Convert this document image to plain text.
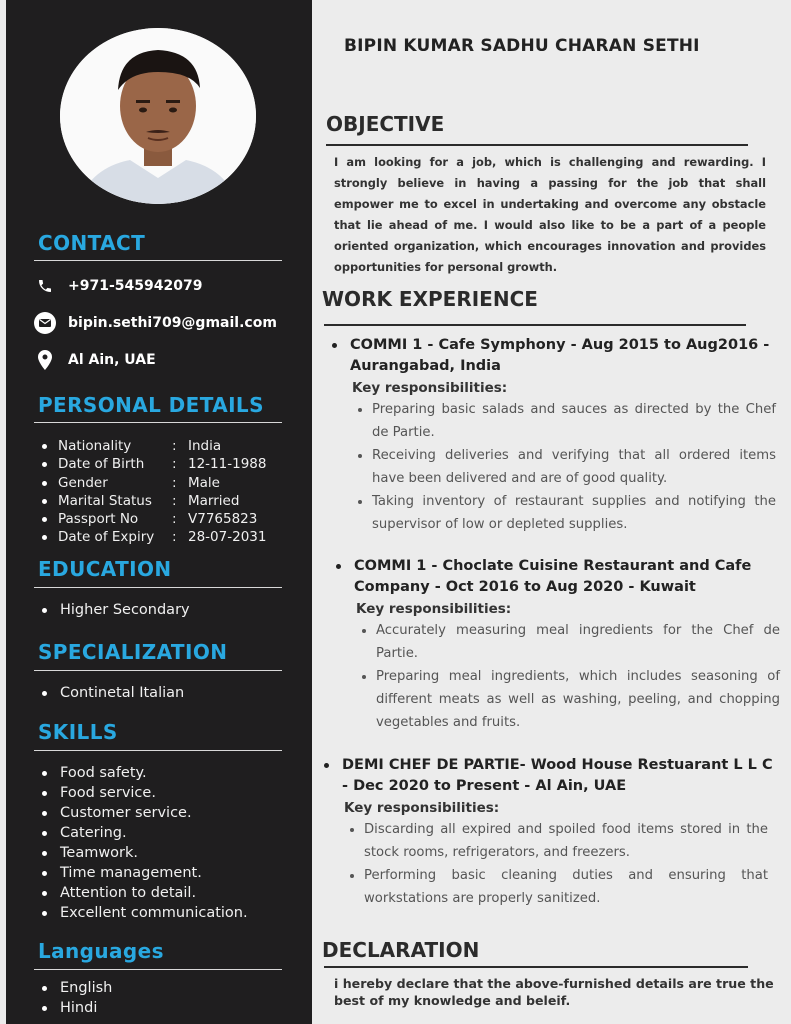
CONTACT
+971-545942079
bipin.sethi709@gmail.com
Al Ain, UAE
PERSONAL DETAILS
Nationality	: India
Date of Birth : 12-11-1988
Gender	: Male
Marital Status : Married
Passport No	: V7765823
Date of Expiry : 28-07-2031
EDUCATION
Higher Secondary
SPECIALIZATION
Continetal Italian
SKILLS
Food safety.
Food service.
Customer service.
Catering.
Teamwork.
Time management.
Attention to detail.
Excellent communication.
Languages
English
Hindi
BIPIN KUMAR SADHU CHARAN SETHI
OBJECTIVE
I am looking for a job, which is challenging and rewarding. I strongly believe in having a passing for the job that shall empower me to excel in undertaking and overcome any obstacle that lie ahead of me. I would also like to be a part of a people oriented organization, which encourages innovation and provides opportunities for personal growth.
WORK EXPERIENCE
COMMI 1 - Cafe Symphony - Aug 2015 to Aug2016 - Aurangabad, India
Key responsibilities:
Preparing basic salads and sauces as directed by the Chef de Partie.
Receiving deliveries and verifying that all ordered items have been delivered and are of good quality.
Taking inventory of restaurant supplies and notifying the supervisor of low or depleted supplies.
COMMI 1 - Choclate Cuisine Restaurant and Cafe Company - Oct 2016 to Aug 2020 - Kuwait
Key responsibilities:
Accurately measuring meal ingredients for the Chef de Partie.
Preparing meal ingredients, which includes seasoning of different meats as well as washing, peeling, and chopping vegetables and fruits.
DEMI CHEF DE PARTIE- Wood House Restuarant L L C - Dec 2020 to Present - Al Ain, UAE
Key responsibilities:
Discarding all expired and spoiled food items stored in the stock rooms, refrigerators, and freezers.
Performing basic cleaning duties and ensuring that workstations are properly sanitized.
DECLARATION
i hereby declare that the above-furnished details are true the best of my knowledge and beleif.
